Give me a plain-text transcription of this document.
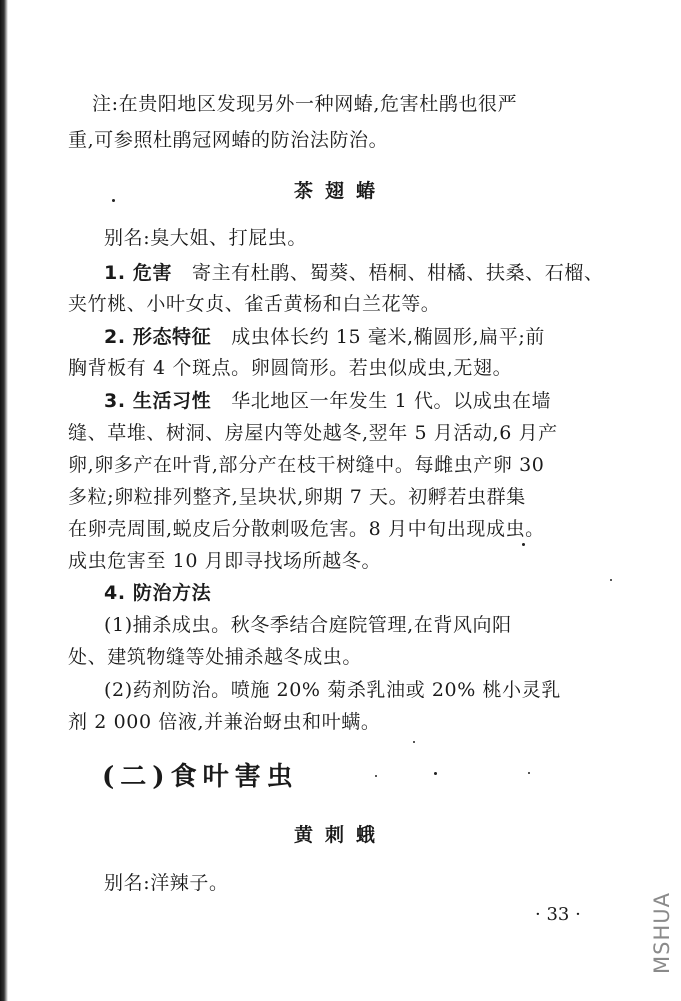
注:在贵阳地区发现另外一种网蝽,危害杜鹃也很严

重,可参照杜鹃冠网蝽的防治法防治。

茶翅蝽

别名:臭大姐、打屁虫。

1. 危害 寄主有杜鹃、蜀葵、梧桐、柑橘、扶桑、石榴、

夹竹桃、小叶女贞、雀舌黄杨和白兰花等。

2. 形态特征 成虫体长约 15 毫米,椭圆形,扁平;前

胸背板有 4 个斑点。卵圆筒形。若虫似成虫,无翅。

3. 生活习性 华北地区一年发生 1 代。以成虫在墙

缝、草堆、树洞、房屋内等处越冬,翌年 5 月活动,6 月产

卵,卵多产在叶背,部分产在枝干树缝中。每雌虫产卵 30

多粒;卵粒排列整齐,呈块状,卵期 7 天。初孵若虫群集

在卵壳周围,蜕皮后分散刺吸危害。8 月中旬出现成虫。

成虫危害至 10 月即寻找场所越冬。

4. 防治方法

(1)捕杀成虫。秋冬季结合庭院管理,在背风向阳

处、建筑物缝等处捕杀越冬成虫。

(2)药剂防治。喷施 20% 菊杀乳油或 20% 桃小灵乳

剂 2 000 倍液,并兼治蚜虫和叶螨。

(二)食叶害虫
黄刺蛾

别名:洋辣子。

· 33 ·	MSHUA
